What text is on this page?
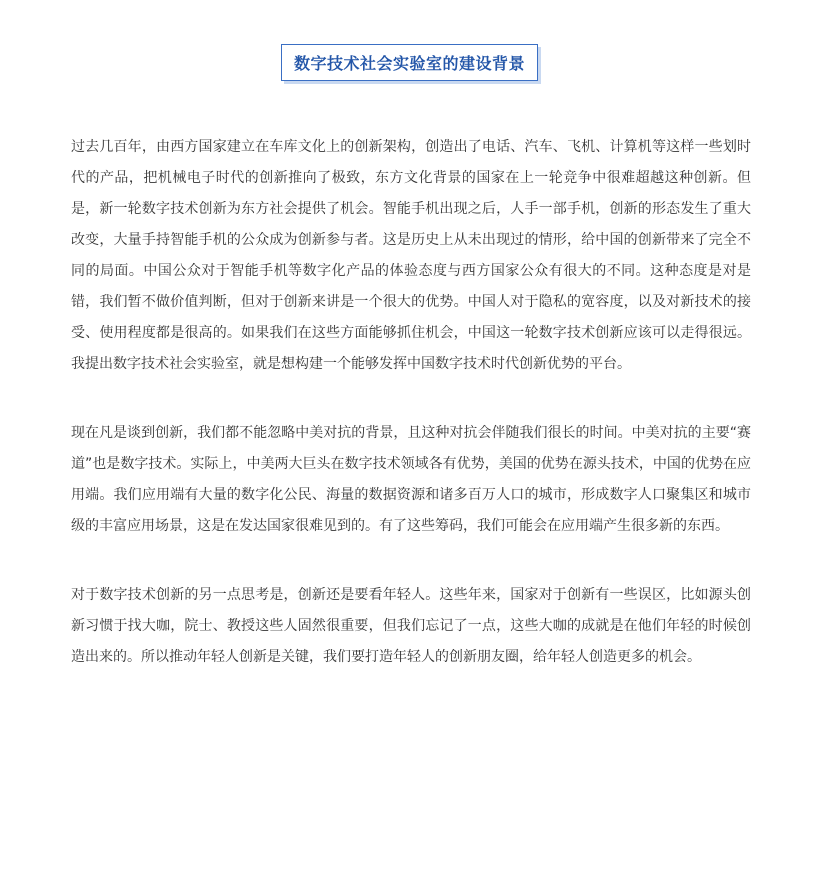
数字技术社会实验室的建设背景

过去几百年，由西方国家建立在车库文化上的创新架构，创造出了电话、汽车、飞机、计算机等这样一些划时代的产品，把机械电子时代的创新推向了极致，东方文化背景的国家在上一轮竞争中很难超越这种创新。但是，新一轮数字技术创新为东方社会提供了机会。智能手机出现之后，人手一部手机，创新的形态发生了重大改变，大量手持智能手机的公众成为创新参与者。这是历史上从未出现过的情形，给中国的创新带来了完全不同的局面。中国公众对于智能手机等数字化产品的体验态度与西方国家公众有很大的不同。这种态度是对是错，我们暂不做价值判断，但对于创新来讲是一个很大的优势。中国人对于隐私的宽容度，以及对新技术的接受、使用程度都是很高的。如果我们在这些方面能够抓住机会，中国这一轮数字技术创新应该可以走得很远。我提出数字技术社会实验室，就是想构建一个能够发挥中国数字技术时代创新优势的平台。

现在凡是谈到创新，我们都不能忽略中美对抗的背景，且这种对抗会伴随我们很长的时间。中美对抗的主要“赛道”也是数字技术。实际上，中美两大巨头在数字技术领域各有优势，美国的优势在源头技术，中国的优势在应用端。我们应用端有大量的数字化公民、海量的数据资源和诸多百万人口的城市，形成数字人口聚集区和城市级的丰富应用场景，这是在发达国家很难见到的。有了这些筹码，我们可能会在应用端产生很多新的东西。

对于数字技术创新的另一点思考是，创新还是要看年轻人。这些年来，国家对于创新有一些误区，比如源头创新习惯于找大咖，院士、教授这些人固然很重要，但我们忘记了一点，这些大咖的成就是在他们年轻的时候创造出来的。所以推动年轻人创新是关键，我们要打造年轻人的创新朋友圈，给年轻人创造更多的机会。
